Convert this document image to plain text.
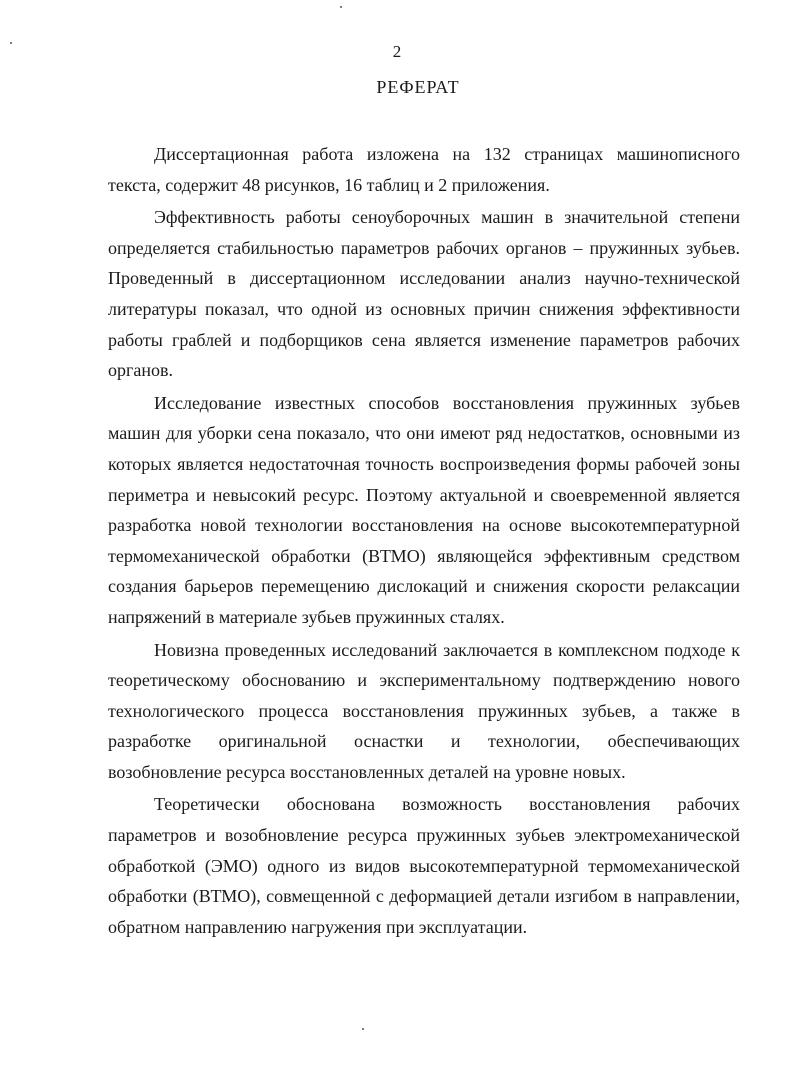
2
РЕФЕРАТ

Диссертационная работа изложена на 132 страницах машинописного текста, содержит 48 рисунков, 16 таблиц и 2 приложения.

Эффективность работы сеноуборочных машин в значительной степени определяется стабильностью параметров рабочих органов – пружинных зубьев. Проведенный в диссертационном исследовании анализ научно-технической литературы показал, что одной из основных причин снижения эффективности работы граблей и подборщиков сена является изменение параметров рабочих органов.

Исследование известных способов восстановления пружинных зубьев машин для уборки сена показало, что они имеют ряд недостатков, основными из которых является недостаточная точность воспроизведения формы рабочей зоны периметра и невысокий ресурс. Поэтому актуальной и своевременной является разработка новой технологии восстановления на основе высокотемпературной термомеханической обработки (ВТМО) являющейся эффективным средством создания барьеров перемещению дислокаций и снижения скорости релаксации напряжений в материале зубьев пружинных сталях.

Новизна проведенных исследований заключается в комплексном подходе к теоретическому обоснованию и экспериментальному подтверждению нового технологического процесса восстановления пружинных зубьев, а также в разработке оригинальной оснастки и технологии, обеспечивающих возобновление ресурса восстановленных деталей на уровне новых.

Теоретически обоснована возможность восстановления рабочих параметров и возобновление ресурса пружинных зубьев электромеханической обработкой (ЭМО) одного из видов высокотемпературной термомеханической обработки (ВТМО), совмещенной с деформацией детали изгибом в направлении, обратном направлению нагружения при эксплуатации.
